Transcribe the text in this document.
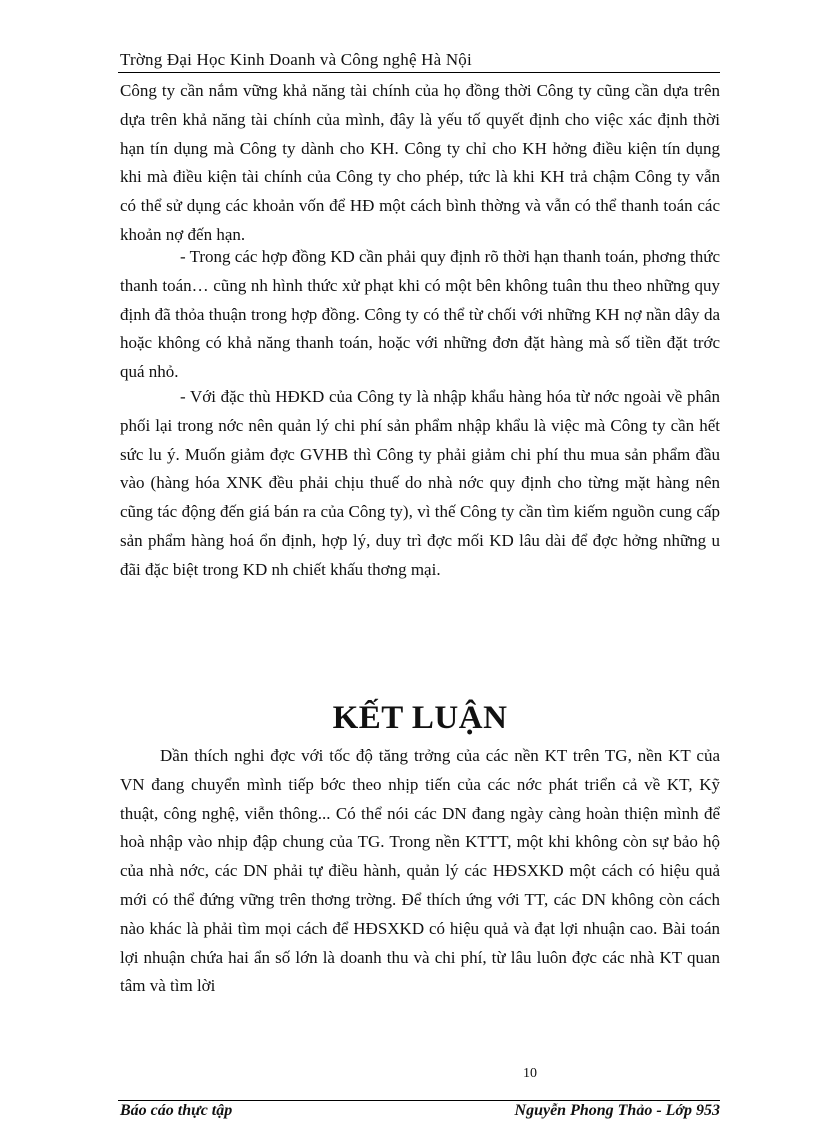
Trờng Đại Học Kinh Doanh và Công nghệ Hà Nội

Công ty cần nắm vững khả năng tài chính của họ đồng thời Công ty cũng cần dựa trên dựa trên khả năng tài chính của mình, đây là yếu tố quyết định cho việc xác định thời hạn tín dụng mà Công ty dành cho KH. Công ty chỉ cho KH hởng điều kiện tín dụng khi mà điều kiện tài chính của Công ty cho phép, tức là khi KH trả chậm Công ty vẫn có thể sử dụng các khoản vốn để HĐ một cách bình thờng và vẫn có thể thanh toán các khoản nợ đến hạn.

- Trong các hợp đồng KD cần phải quy định rõ thời hạn thanh toán, phơng thức thanh toán… cũng nh hình thức xử phạt khi có một bên không tuân thu theo những quy định đã thỏa thuận trong hợp đồng. Công ty có thể từ chối với những KH nợ nần dây da hoặc không có khả năng thanh toán, hoặc với những đơn đặt hàng mà số tiền đặt trớc quá nhỏ.

- Với đặc thù HĐKD của Công ty là nhập khẩu hàng hóa từ nớc ngoài về phân phối lại trong nớc nên quản lý chi phí sản phẩm nhập khẩu là việc mà Công ty cần hết sức lu ý. Muốn giảm đợc GVHB thì Công ty phải giảm chi phí thu mua sản phẩm đầu vào (hàng hóa XNK đều phải chịu thuế do nhà nớc quy định cho từng mặt hàng nên cũng tác động đến giá bán ra của Công ty), vì thế Công ty cần tìm kiếm nguồn cung cấp sản phẩm hàng hoá ổn định, hợp lý, duy trì đợc mối KD lâu dài để đợc hởng những u đãi đặc biệt trong KD nh chiết khấu thơng mại.

KẾT LUẬN

Dần thích nghi đợc với tốc độ tăng trởng của các nền KT trên TG, nền KT của VN đang chuyển mình tiếp bớc theo nhịp tiến của các nớc phát triển cả về KT, Kỹ thuật, công nghệ, viễn thông... Có thể nói các DN đang ngày càng hoàn thiện mình để hoà nhập vào nhịp đập chung của TG. Trong nền KTTT, một khi không còn sự bảo hộ của nhà nớc, các DN phải tự điều hành, quản lý các HĐSXKD một cách có hiệu quả mới có thể đứng vững trên thơng trờng. Để thích ứng với TT, các DN không còn cách nào khác là phải tìm mọi cách để HĐSXKD có hiệu quả và đạt lợi nhuận cao. Bài toán lợi nhuận chứa hai ẩn số lớn là doanh thu và chi phí, từ lâu luôn đợc các nhà KT quan tâm và tìm lời

10
Báo cáo thực tập	Nguyễn Phong Thảo - Lớp 953
